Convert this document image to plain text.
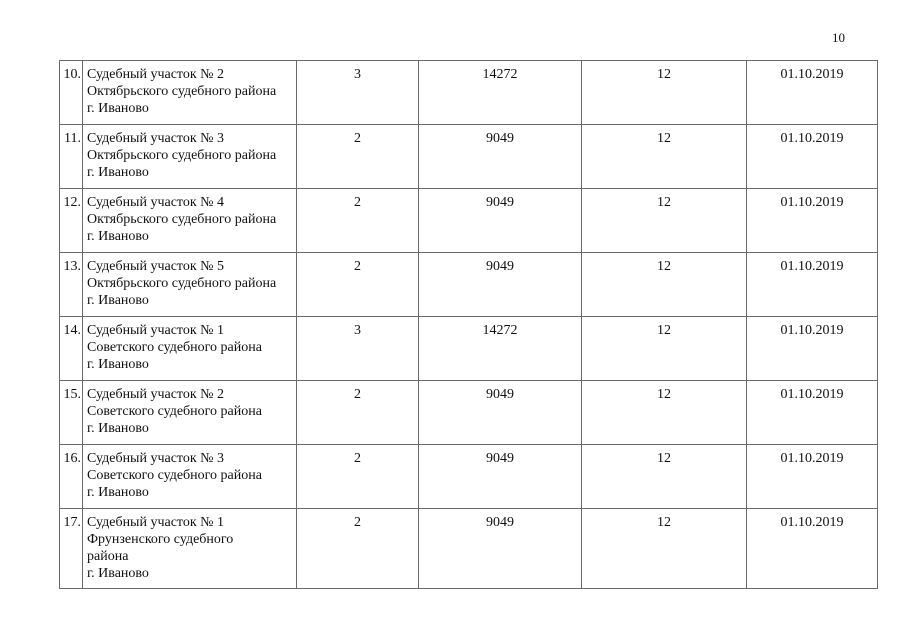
10
10.	Судебный участок № 2
Октябрьского судебного района
г. Иваново	3	14272	12	01.10.2019
11.	Судебный участок № 3
Октябрьского судебного района
г. Иваново	2	9049	12	01.10.2019
12.	Судебный участок № 4
Октябрьского судебного района
г. Иваново	2	9049	12	01.10.2019
13.	Судебный участок № 5
Октябрьского судебного района
г. Иваново	2	9049	12	01.10.2019
14.	Судебный участок № 1
Советского судебного района
г. Иваново	3	14272	12	01.10.2019
15.	Судебный участок № 2
Советского судебного района
г. Иваново	2	9049	12	01.10.2019
16.	Судебный участок № 3
Советского судебного района
г. Иваново	2	9049	12	01.10.2019
17.	Судебный участок № 1
Фрунзенского судебного
района
г. Иваново	2	9049	12	01.10.2019
